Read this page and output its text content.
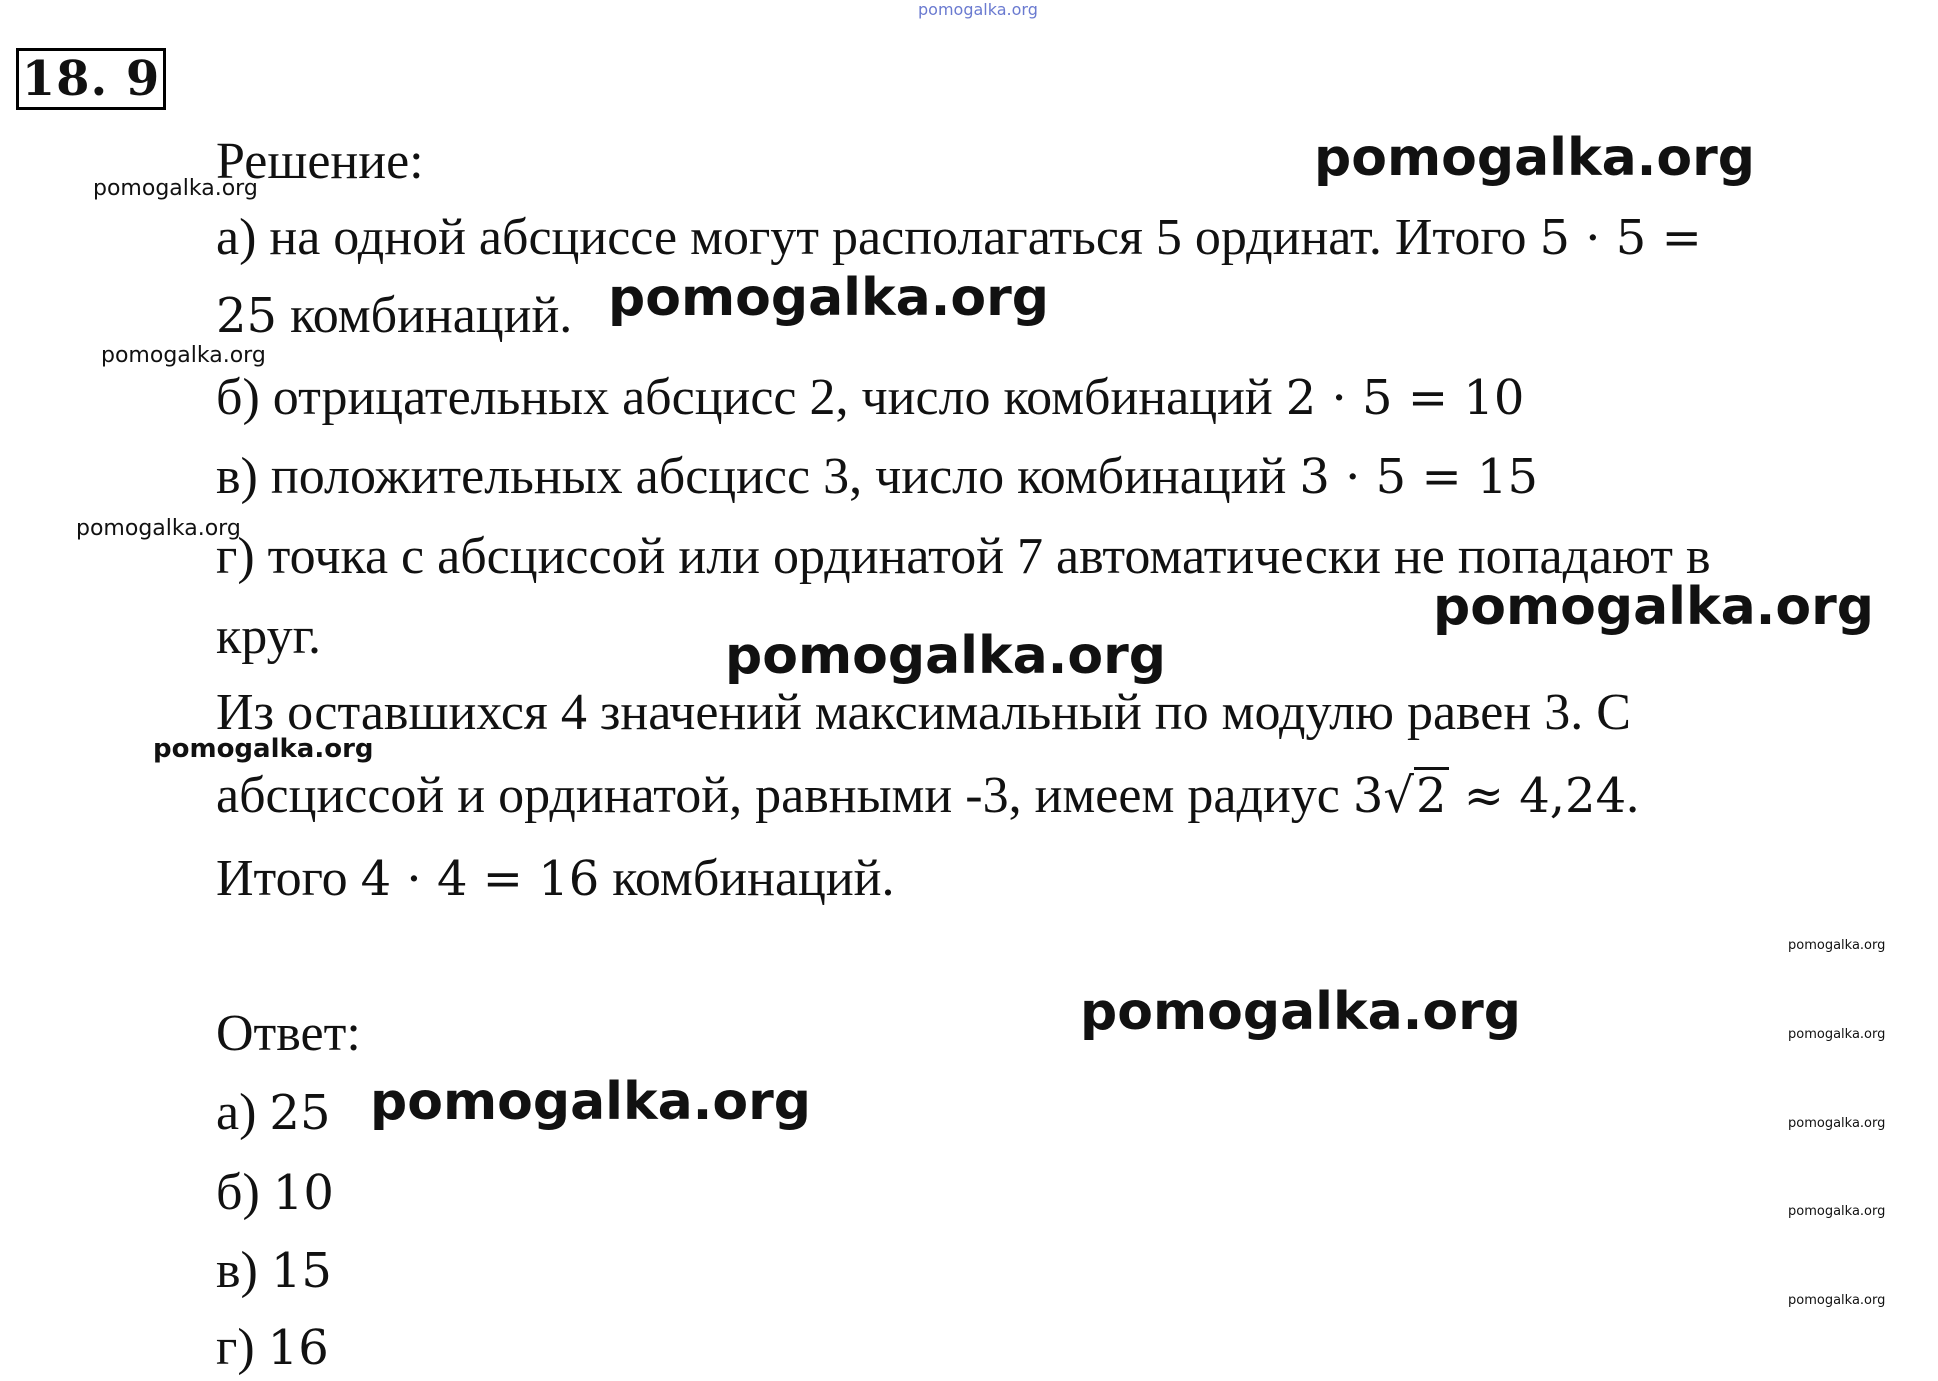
pomogalka.org
18. 9
Решение:
а) на одной абсциссе могут располагаться 5 ординат. Итого 5 · 5 =
25 комбинаций.
б) отрицательных абсцисс 2, число комбинаций 2 · 5 = 10
в) положительных абсцисс 3, число комбинаций 3 · 5 = 15
г) точка с абсциссой или ординатой 7 автоматически не попадают в
круг.
Из оставшихся 4 значений максимальный по модулю равен 3. С
абсциссой и ординатой, равными -3, имеем радиус 3√2 ≈ 4,24.
Итого 4 · 4 = 16 комбинаций.
Ответ:
а) 25
б) 10
в) 15
г) 16
pomogalka.org
pomogalka.org
pomogalka.org
pomogalka.org
pomogalka.org
pomogalka.org
pomogalka.org
pomogalka.org
pomogalka.org
pomogalka.org
pomogalka.org
pomogalka.org
pomogalka.org
pomogalka.org
pomogalka.org
